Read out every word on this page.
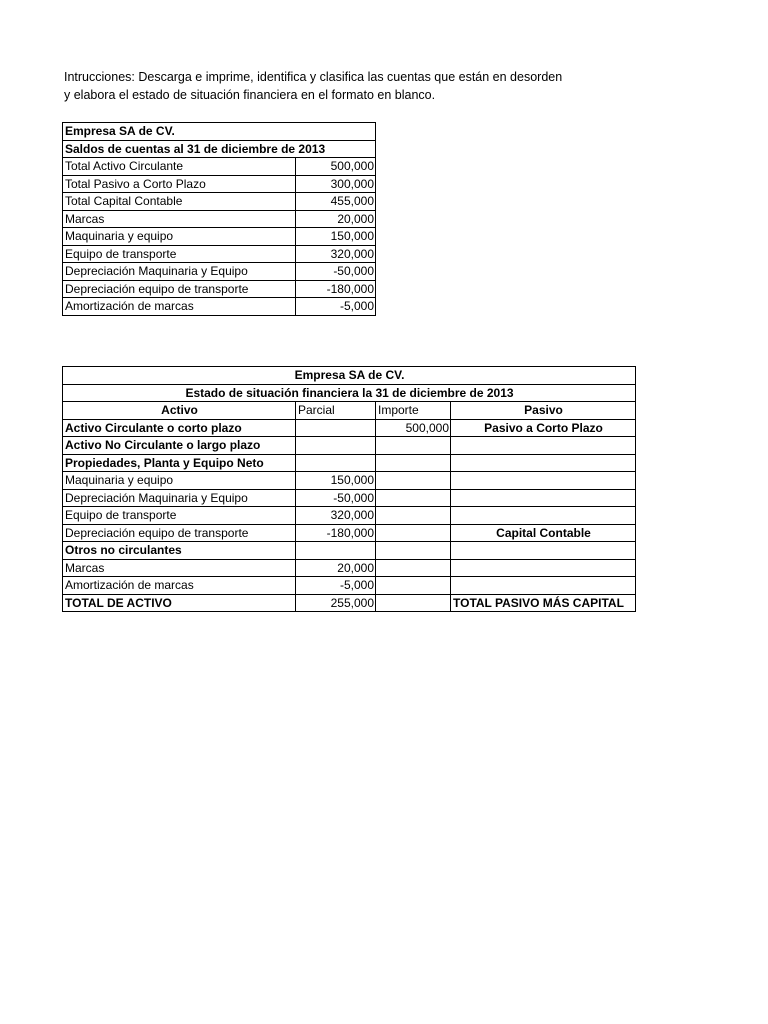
Intrucciones: Descarga e imprime, identifica y clasifica las cuentas que están en desorden
y elabora el estado de situación financiera en el formato en blanco.
Empresa SA de CV.	
Saldos de cuentas al 31 de diciembre de 2013	
Total Activo Circulante	500,000
Total Pasivo a Corto Plazo	300,000
Total Capital Contable	455,000
Marcas	20,000
Maquinaria y equipo	150,000
Equipo de transporte	320,000
Depreciación Maquinaria y Equipo	-50,000
Depreciación equipo de transporte	-180,000
Amortización de marcas	-5,000
Empresa SA de CV.			
Estado de situación financiera la 31 de diciembre de 2013			
Activo	Parcial	Importe	Pasivo
Activo Circulante o corto plazo		500,000	Pasivo a Corto Plazo
Activo No Circulante o largo plazo			
Propiedades, Planta y Equipo Neto			
Maquinaria y equipo	150,000		
Depreciación Maquinaria y Equipo	-50,000		
Equipo de transporte	320,000		
Depreciación equipo de transporte	-180,000		Capital Contable
Otros no circulantes			
Marcas	20,000		
Amortización de marcas	-5,000		
TOTAL DE ACTIVO	255,000		TOTAL PASIVO MÁS CAPITAL
